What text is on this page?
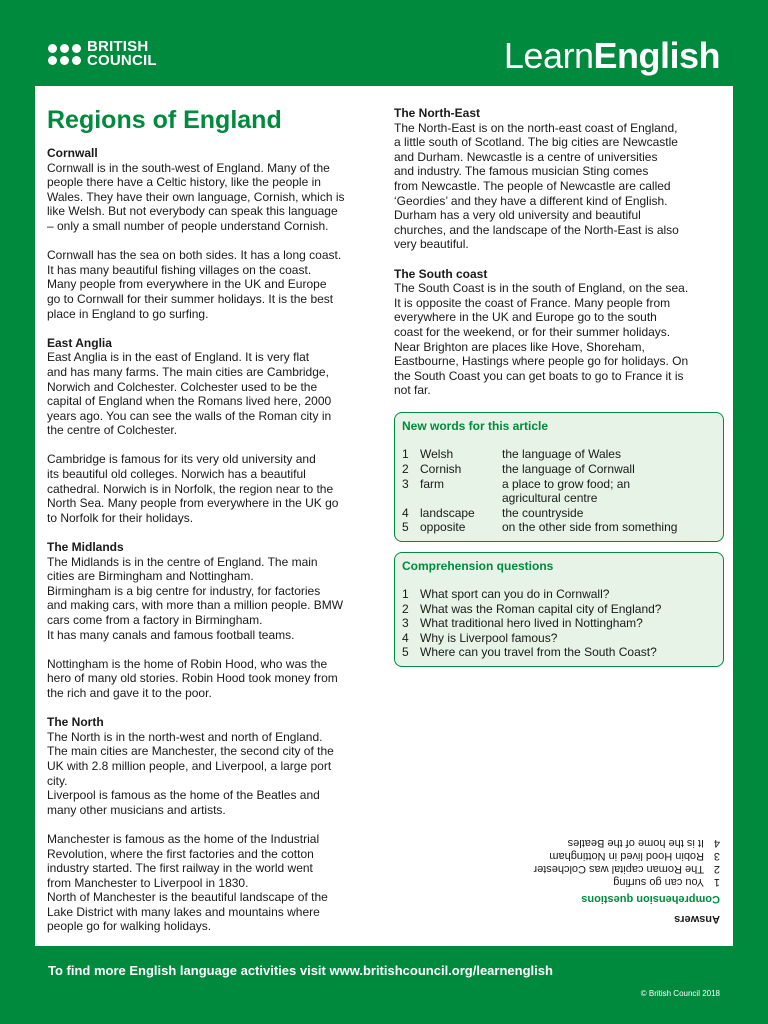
BRITISH
COUNCIL	LearnEnglish
Regions of England
Cornwall
Cornwall is in the south-west of England. Many of the
people there have a Celtic history, like the people in
Wales. They have their own language, Cornish, which is
like Welsh. But not everybody can speak this language
– only a small number of people understand Cornish.
Cornwall has the sea on both sides. It has a long coast.
It has many beautiful fishing villages on the coast.
Many people from everywhere in the UK and Europe
go to Cornwall for their summer holidays. It is the best
place in England to go surfing.
East Anglia
East Anglia is in the east of England. It is very flat
and has many farms. The main cities are Cambridge,
Norwich and Colchester. Colchester used to be the
capital of England when the Romans lived here, 2000
years ago. You can see the walls of the Roman city in
the centre of Colchester.
Cambridge is famous for its very old university and
its beautiful old colleges. Norwich has a beautiful
cathedral. Norwich is in Norfolk, the region near to the
North Sea. Many people from everywhere in the UK go
to Norfolk for their holidays.
The Midlands
The Midlands is in the centre of England. The main
cities are Birmingham and Nottingham.
Birmingham is a big centre for industry, for factories
and making cars, with more than a million people. BMW
cars come from a factory in Birmingham.
It has many canals and famous football teams.
Nottingham is the home of Robin Hood, who was the
hero of many old stories. Robin Hood took money from
the rich and gave it to the poor.
The North
The North is in the north-west and north of England.
The main cities are Manchester, the second city of the
UK with 2.8 million people, and Liverpool, a large port
city.
Liverpool is famous as the home of the Beatles and
many other musicians and artists.
Manchester is famous as the home of the Industrial
Revolution, where the first factories and the cotton
industry started. The first railway in the world went
from Manchester to Liverpool in 1830.
North of Manchester is the beautiful landscape of the
Lake District with many lakes and mountains where
people go for walking holidays.
The North-East
The North-East is on the north-east coast of England,
a little south of Scotland. The big cities are Newcastle
and Durham. Newcastle is a centre of universities
and industry. The famous musician Sting comes
from Newcastle. The people of Newcastle are called
‘Geordies’ and they have a different kind of English.
Durham has a very old university and beautiful
churches, and the landscape of the North-East is also
very beautiful.
The South coast
The South Coast is in the south of England, on the sea.
It is opposite the coast of France. Many people from
everywhere in the UK and Europe go to the south
coast for the weekend, or for their summer holidays.
Near Brighton are places like Hove, Shoreham,
Eastbourne, Hastings where people go for holidays. On
the South Coast you can get boats to go to France it is
not far.
New words for this article
1 Welsh	the language of Wales
2 Cornish	the language of Cornwall
3 farm	a place to grow food; an
agricultural centre
4 landscape	the countryside
5 opposite	on the other side from something
Comprehension questions
1 What sport can you do in Cornwall?
2 What was the Roman capital city of England?
3 What traditional hero lived in Nottingham?
4 Why is Liverpool famous?
5 Where can you travel from the South Coast?
Answers
Comprehension questions
1
You can go surfing
2
The Roman capital was Colchester
3
Robin Hood lived in Nottingham
4
It is the home of the Beatles
To find more English language activities visit www.britishcouncil.org/learnenglish
© British Council 2018
